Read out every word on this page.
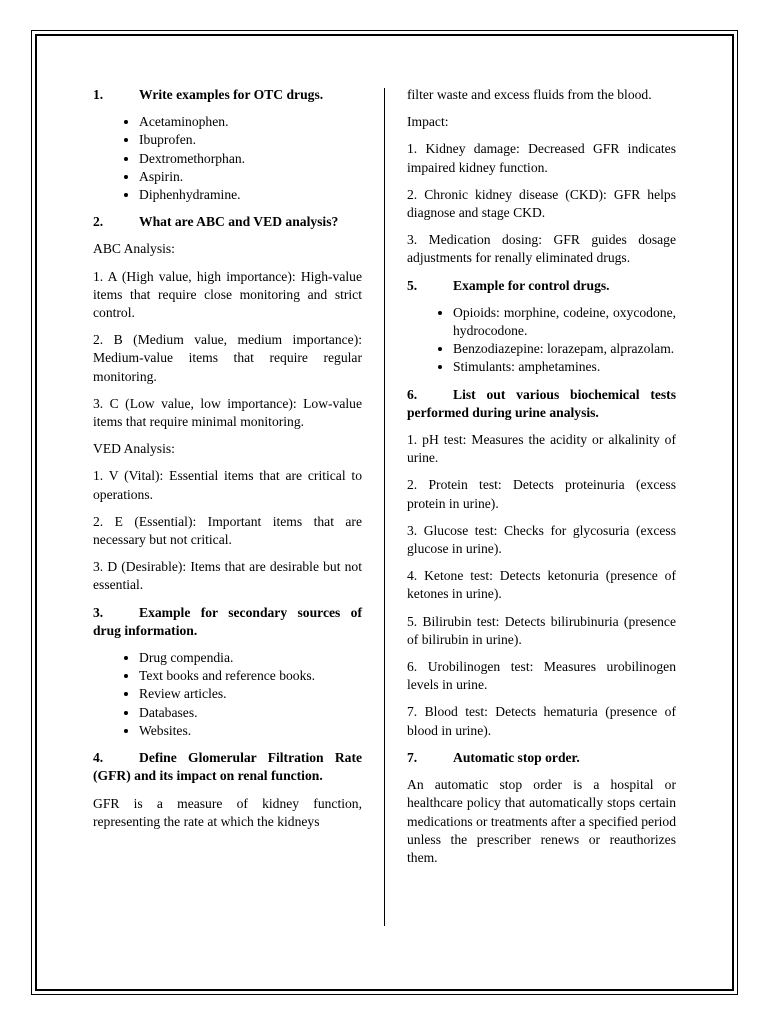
1.	Write examples for OTC drugs.
• Acetaminophen.
• Ibuprofen.
• Dextromethorphan.
• Aspirin.
• Diphenhydramine.
2.	What are ABC and VED analysis?

ABC Analysis:

1. A (High value, high importance): High-value items that require close monitoring and strict control.

2. B (Medium value, medium importance): Medium-value items that require regular monitoring.

3. C (Low value, low importance): Low-value items that require minimal monitoring.

VED Analysis:

1. V (Vital): Essential items that are critical to operations.

2. E (Essential): Important items that are necessary but not critical.

3. D (Desirable): Items that are desirable but not essential.

3.	Example for secondary sources of drug information.
• Drug compendia.
• Text books and reference books.
• Review articles.
• Databases.
• Websites.
4.	Define Glomerular Filtration Rate (GFR) and its impact on renal function.

GFR is a measure of kidney function, representing the rate at which the kidneys

filter waste and excess fluids from the blood.

Impact:

1. Kidney damage: Decreased GFR indicates impaired kidney function.

2. Chronic kidney disease (CKD): GFR helps diagnose and stage CKD.

3. Medication dosing: GFR guides dosage adjustments for renally eliminated drugs.

5.	Example for control drugs.
• Opioids: morphine, codeine, oxycodone, hydrocodone.
• Benzodiazepine: lorazepam, alprazolam.
• Stimulants: amphetamines.
6.	List out various biochemical tests performed during urine analysis.

1. pH test: Measures the acidity or alkalinity of urine.

2. Protein test: Detects proteinuria (excess protein in urine).

3. Glucose test: Checks for glycosuria (excess glucose in urine).

4. Ketone test: Detects ketonuria (presence of ketones in urine).

5. Bilirubin test: Detects bilirubinuria (presence of bilirubin in urine).

6. Urobilinogen test: Measures urobilinogen levels in urine.

7. Blood test: Detects hematuria (presence of blood in urine).

7.	Automatic stop order.

An automatic stop order is a hospital or healthcare policy that automatically stops certain medications or treatments after a specified period unless the prescriber renews or reauthorizes them.
